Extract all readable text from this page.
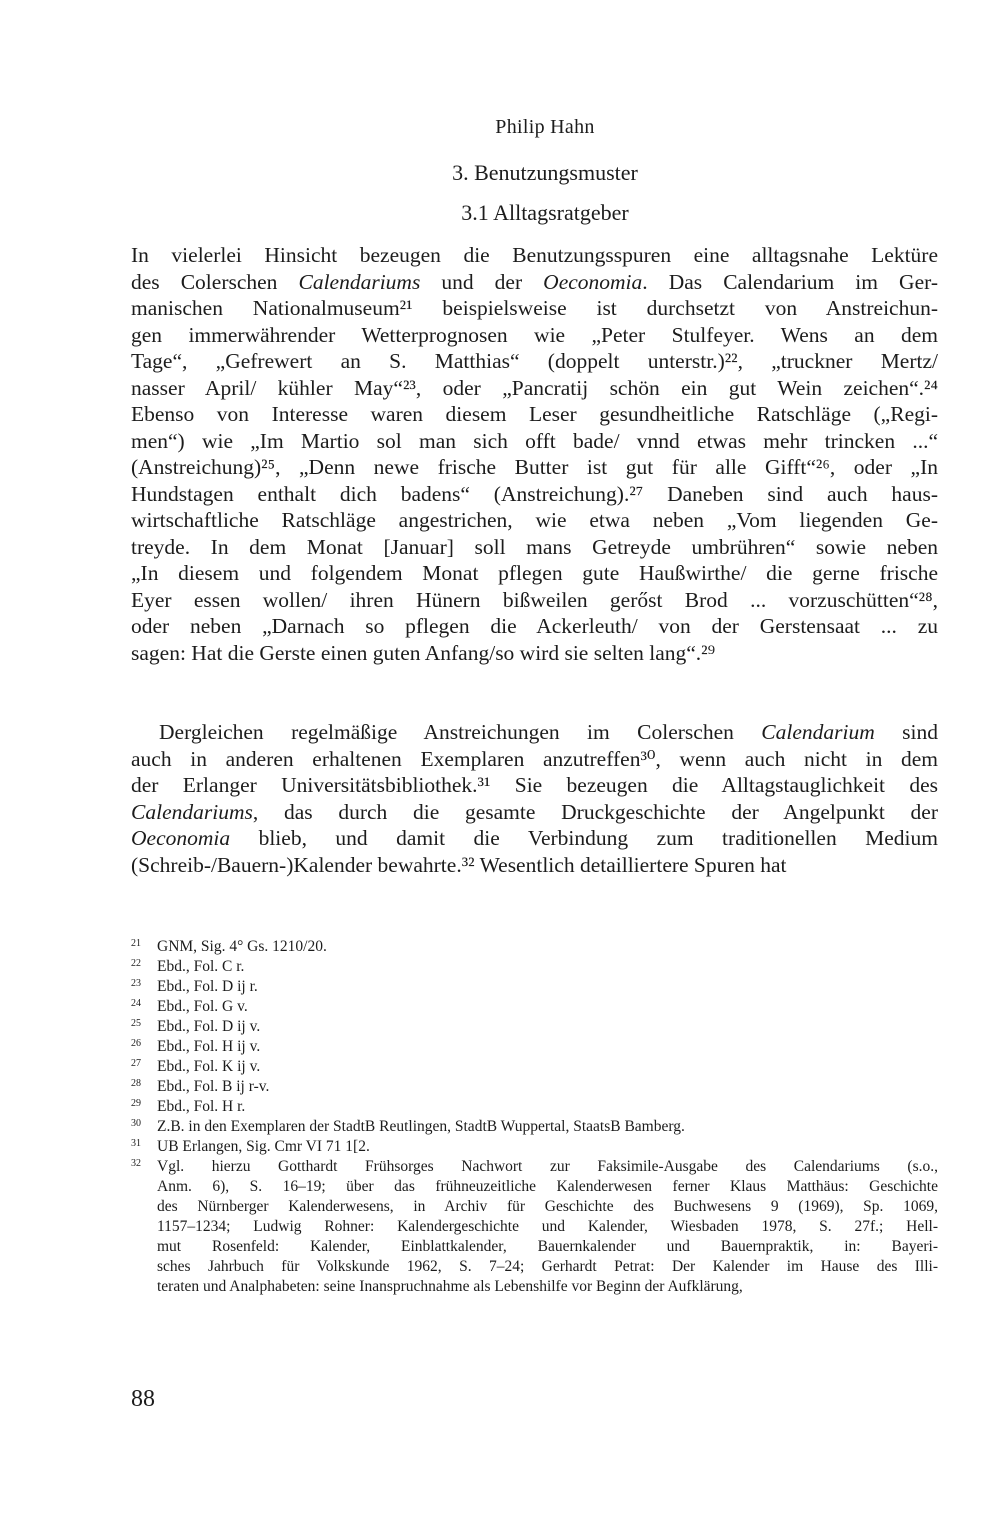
Philip Hahn
3. Benutzungsmuster
3.1 Alltagsratgeber
In vielerlei Hinsicht bezeugen die Benutzungsspuren eine alltagsnahe Lektüre
des Colerschen Calendariums und der Oeconomia. Das Calendarium im Ger-
manischen Nationalmuseum²¹ beispielsweise ist durchsetzt von Anstreichun-
gen immerwährender Wetterprognosen wie „Peter Stulfeyer. Wens an dem
Tage“, „Gefrewert an S. Matthias“ (doppelt unterstr.)²², „truckner Mertz/
nasser April/ kühler May“²³, oder „Pancratij schön ein gut Wein zeichen“.²⁴
Ebenso von Interesse waren diesem Leser gesundheitliche Ratschläge („Regi-
men“) wie „Im Martio sol man sich offt bade/ vnnd etwas mehr trincken ...“
(Anstreichung)²⁵, „Denn newe frische Butter ist gut für alle Gifft“²⁶, oder „In
Hundstagen enthalt dich badens“ (Anstreichung).²⁷ Daneben sind auch haus-
wirtschaftliche Ratschläge angestrichen, wie etwa neben „Vom liegenden Ge-
treyde. In dem Monat [Januar] soll mans Getreyde umbrühren“ sowie neben
„In diesem und folgendem Monat pflegen gute Haußwirthe/ die gerne frische
Eyer essen wollen/ ihren Hünern bißweilen gerőst Brod ... vorzuschütten“²⁸,
oder neben „Darnach so pflegen die Ackerleuth/ von der Gerstensaat ... zu
sagen: Hat die Gerste einen guten Anfang/so wird sie selten lang“.²⁹
Dergleichen regelmäßige Anstreichungen im Colerschen Calendarium sind
auch in anderen erhaltenen Exemplaren anzutreffen³⁰, wenn auch nicht in dem
der Erlanger Universitätsbibliothek.³¹ Sie bezeugen die Alltagstauglichkeit des
Calendariums, das durch die gesamte Druckgeschichte der Angelpunkt der
Oeconomia blieb, und damit die Verbindung zum traditionellen Medium
(Schreib-/Bauern-)Kalender bewahrte.³² Wesentlich detailliertere Spuren hat
21	GNM, Sig. 4° Gs. 1210/20.
22	Ebd., Fol. C r.
23	Ebd., Fol. D ij r.
24	Ebd., Fol. G v.
25	Ebd., Fol. D ij v.
26	Ebd., Fol. H ij v.
27	Ebd., Fol. K ij v.
28	Ebd., Fol. B ij r-v.
29	Ebd., Fol. H r.
30	Z.B. in den Exemplaren der StadtB Reutlingen, StadtB Wuppertal, StaatsB Bamberg.
31	UB Erlangen, Sig. Cmr VI 71 1[2.
32	Vgl. hierzu Gotthardt Frühsorges Nachwort zur Faksimile-Ausgabe des Calendariums (s.o.,
Anm. 6), S. 16–19; über das frühneuzeitliche Kalenderwesen ferner Klaus Matthäus: Geschichte
des Nürnberger Kalenderwesens, in Archiv für Geschichte des Buchwesens 9 (1969), Sp. 1069,
1157–1234; Ludwig Rohner: Kalendergeschichte und Kalender, Wiesbaden 1978, S. 27f.; Hell-
mut Rosenfeld: Kalender, Einblattkalender, Bauernkalender und Bauernpraktik, in: Bayeri-
sches Jahrbuch für Volkskunde 1962, S. 7–24; Gerhardt Petrat: Der Kalender im Hause des Illi-
teraten und Analphabeten: seine Inanspruchnahme als Lebenshilfe vor Beginn der Aufklärung,
88
